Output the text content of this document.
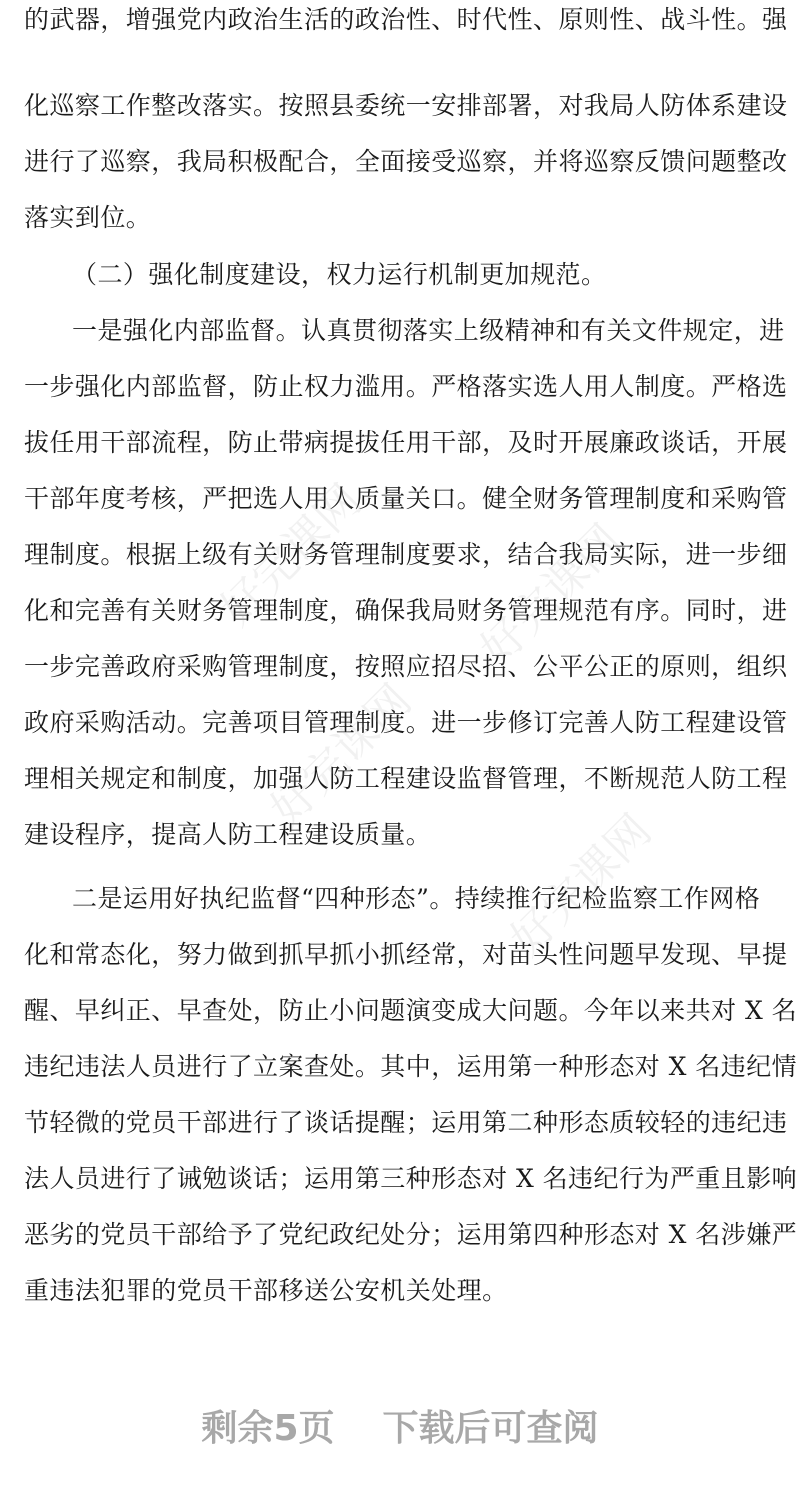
的武器，增强党内政治生活的政治性、时代性、原则性、战斗性。强
化巡察工作整改落实。按照县委统一安排部署，对我局人防体系建设
进行了巡察，我局积极配合，全面接受巡察，并将巡察反馈问题整改
落实到位。
（二）强化制度建设，权力运行机制更加规范。
一是强化内部监督。认真贯彻落实上级精神和有关文件规定，进
一步强化内部监督，防止权力滥用。严格落实选人用人制度。严格选
拔任用干部流程，防止带病提拔任用干部，及时开展廉政谈话，开展
干部年度考核，严把选人用人质量关口。健全财务管理制度和采购管
理制度。根据上级有关财务管理制度要求，结合我局实际，进一步细
化和完善有关财务管理制度，确保我局财务管理规范有序。同时，进
一步完善政府采购管理制度，按照应招尽招、公平公正的原则，组织
政府采购活动。完善项目管理制度。进一步修订完善人防工程建设管
理相关规定和制度，加强人防工程建设监督管理，不断规范人防工程
建设程序，提高人防工程建设质量。
二是运用好执纪监督“四种形态”。持续推行纪检监察工作网格
化和常态化，努力做到抓早抓小抓经常，对苗头性问题早发现、早提
醒、早纠正、早查处，防止小问题演变成大问题。今年以来共对 X 名
违纪违法人员进行了立案查处。其中，运用第一种形态对 X 名违纪情
节轻微的党员干部进行了谈话提醒；运用第二种形态质较轻的违纪违
法人员进行了诫勉谈话；运用第三种形态对 X 名违纪行为严重且影响
恶劣的党员干部给予了党纪政纪处分；运用第四种形态对 X 名涉嫌严
重违法犯罪的党员干部移送公安机关处理。
好完课网 好完课网
好完课网
好完课网
剩余5页 下载后可查阅
